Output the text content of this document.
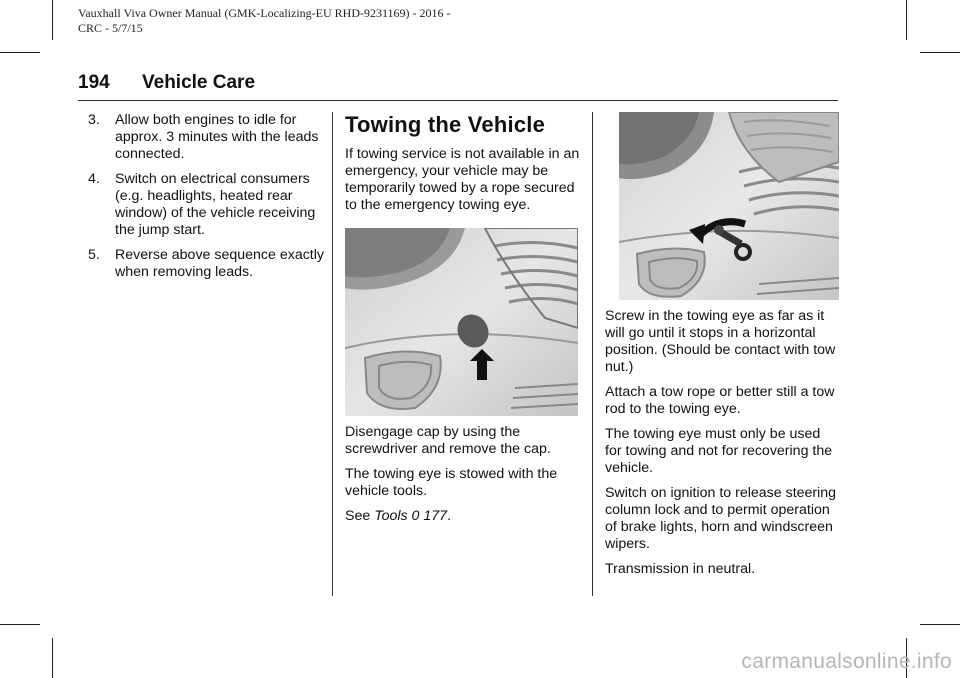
Vauxhall Viva Owner Manual (GMK-Localizing-EU RHD-9231169) - 2016 -
CRC - 5/7/15
194 Vehicle Care
3.	Allow both engines to idle for approx. 3 minutes with the leads connected.
4.	Switch on electrical consumers (e.g. headlights, heated rear window) of the vehicle receiving the jump start.
5.	Reverse above sequence exactly when removing leads.
Towing the Vehicle

If towing service is not available in an emergency, your vehicle may be temporarily towed by a rope secured to the emergency towing eye.

Disengage cap by using the screwdriver and remove the cap.

The towing eye is stowed with the vehicle tools.

See Tools 0 177.

Screw in the towing eye as far as it will go until it stops in a horizontal position. (Should be contact with tow nut.)

Attach a tow rope or better still a tow rod to the towing eye.

The towing eye must only be used for towing and not for recovering the vehicle.

Switch on ignition to release steering column lock and to permit operation of brake lights, horn and windscreen wipers.

Transmission in neutral.

carmanualsonline.info
